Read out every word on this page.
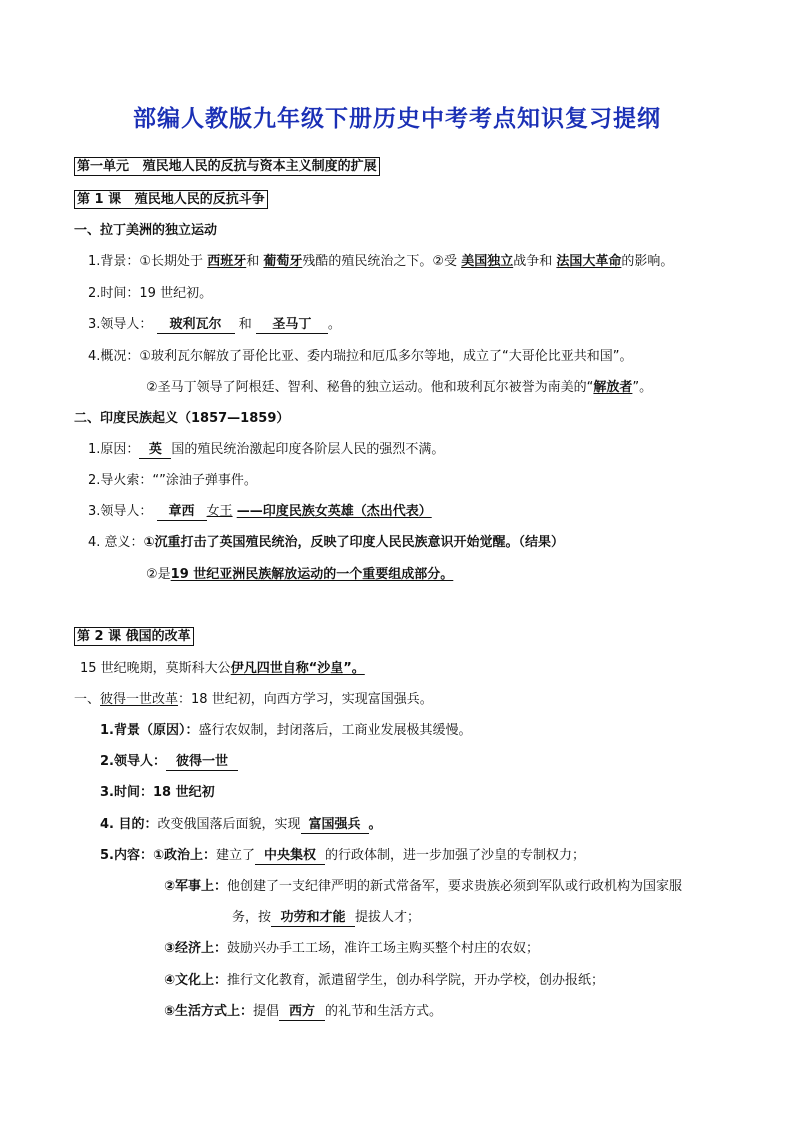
部编人教版九年级下册历史中考考点知识复习提纲
第一单元 殖民地人民的反抗与资本主义制度的扩展
第 1 课 殖民地人民的反抗斗争
一、拉丁美洲的独立运动
1.背景：①长期处于 西班牙和 葡萄牙残酷的殖民统治之下。②受 美国独立战争和 法国大革命的影响。
2.时间：19 世纪初。
3.领导人： 玻利瓦尔 和 圣马丁 。
4.概况：①玻利瓦尔解放了哥伦比亚、委内瑞拉和厄瓜多尔等地，成立了“大哥伦比亚共和国”。
②圣马丁领导了阿根廷、智利、秘鲁的独立运动。他和玻利瓦尔被誉为南美的“解放者”。
二、印度民族起义（1857—1859）
1.原因： 英 国的殖民统治激起印度各阶层人民的强烈不满。
2.导火索：“”涂油子弹事件。
3.领导人： 章西 女王 ——印度民族女英雄（杰出代表）
4. 意义：①沉重打击了英国殖民统治，反映了印度人民民族意识开始觉醒。（结果）
②是19 世纪亚洲民族解放运动的一个重要组成部分。
第 2 课 俄国的改革
15 世纪晚期，莫斯科大公伊凡四世自称“沙皇”。
一、彼得一世改革：18 世纪初，向西方学习，实现富国强兵。
1.背景（原因）：盛行农奴制，封闭落后，工商业发展极其缓慢。
2.领导人： 彼得一世
3.时间：18 世纪初
4. 目的：改变俄国落后面貌，实现 富国强兵 。
5.内容：①政治上：建立了 中央集权 的行政体制，进一步加强了沙皇的专制权力；
②军事上：他创建了一支纪律严明的新式常备军，要求贵族必须到军队或行政机构为国家服
务，按 功劳和才能 提拔人才；
③经济上：鼓励兴办手工工场，准许工场主购买整个村庄的农奴；
④文化上：推行文化教育，派遣留学生，创办科学院，开办学校，创办报纸；
⑤生活方式上：提倡 西方 的礼节和生活方式。
